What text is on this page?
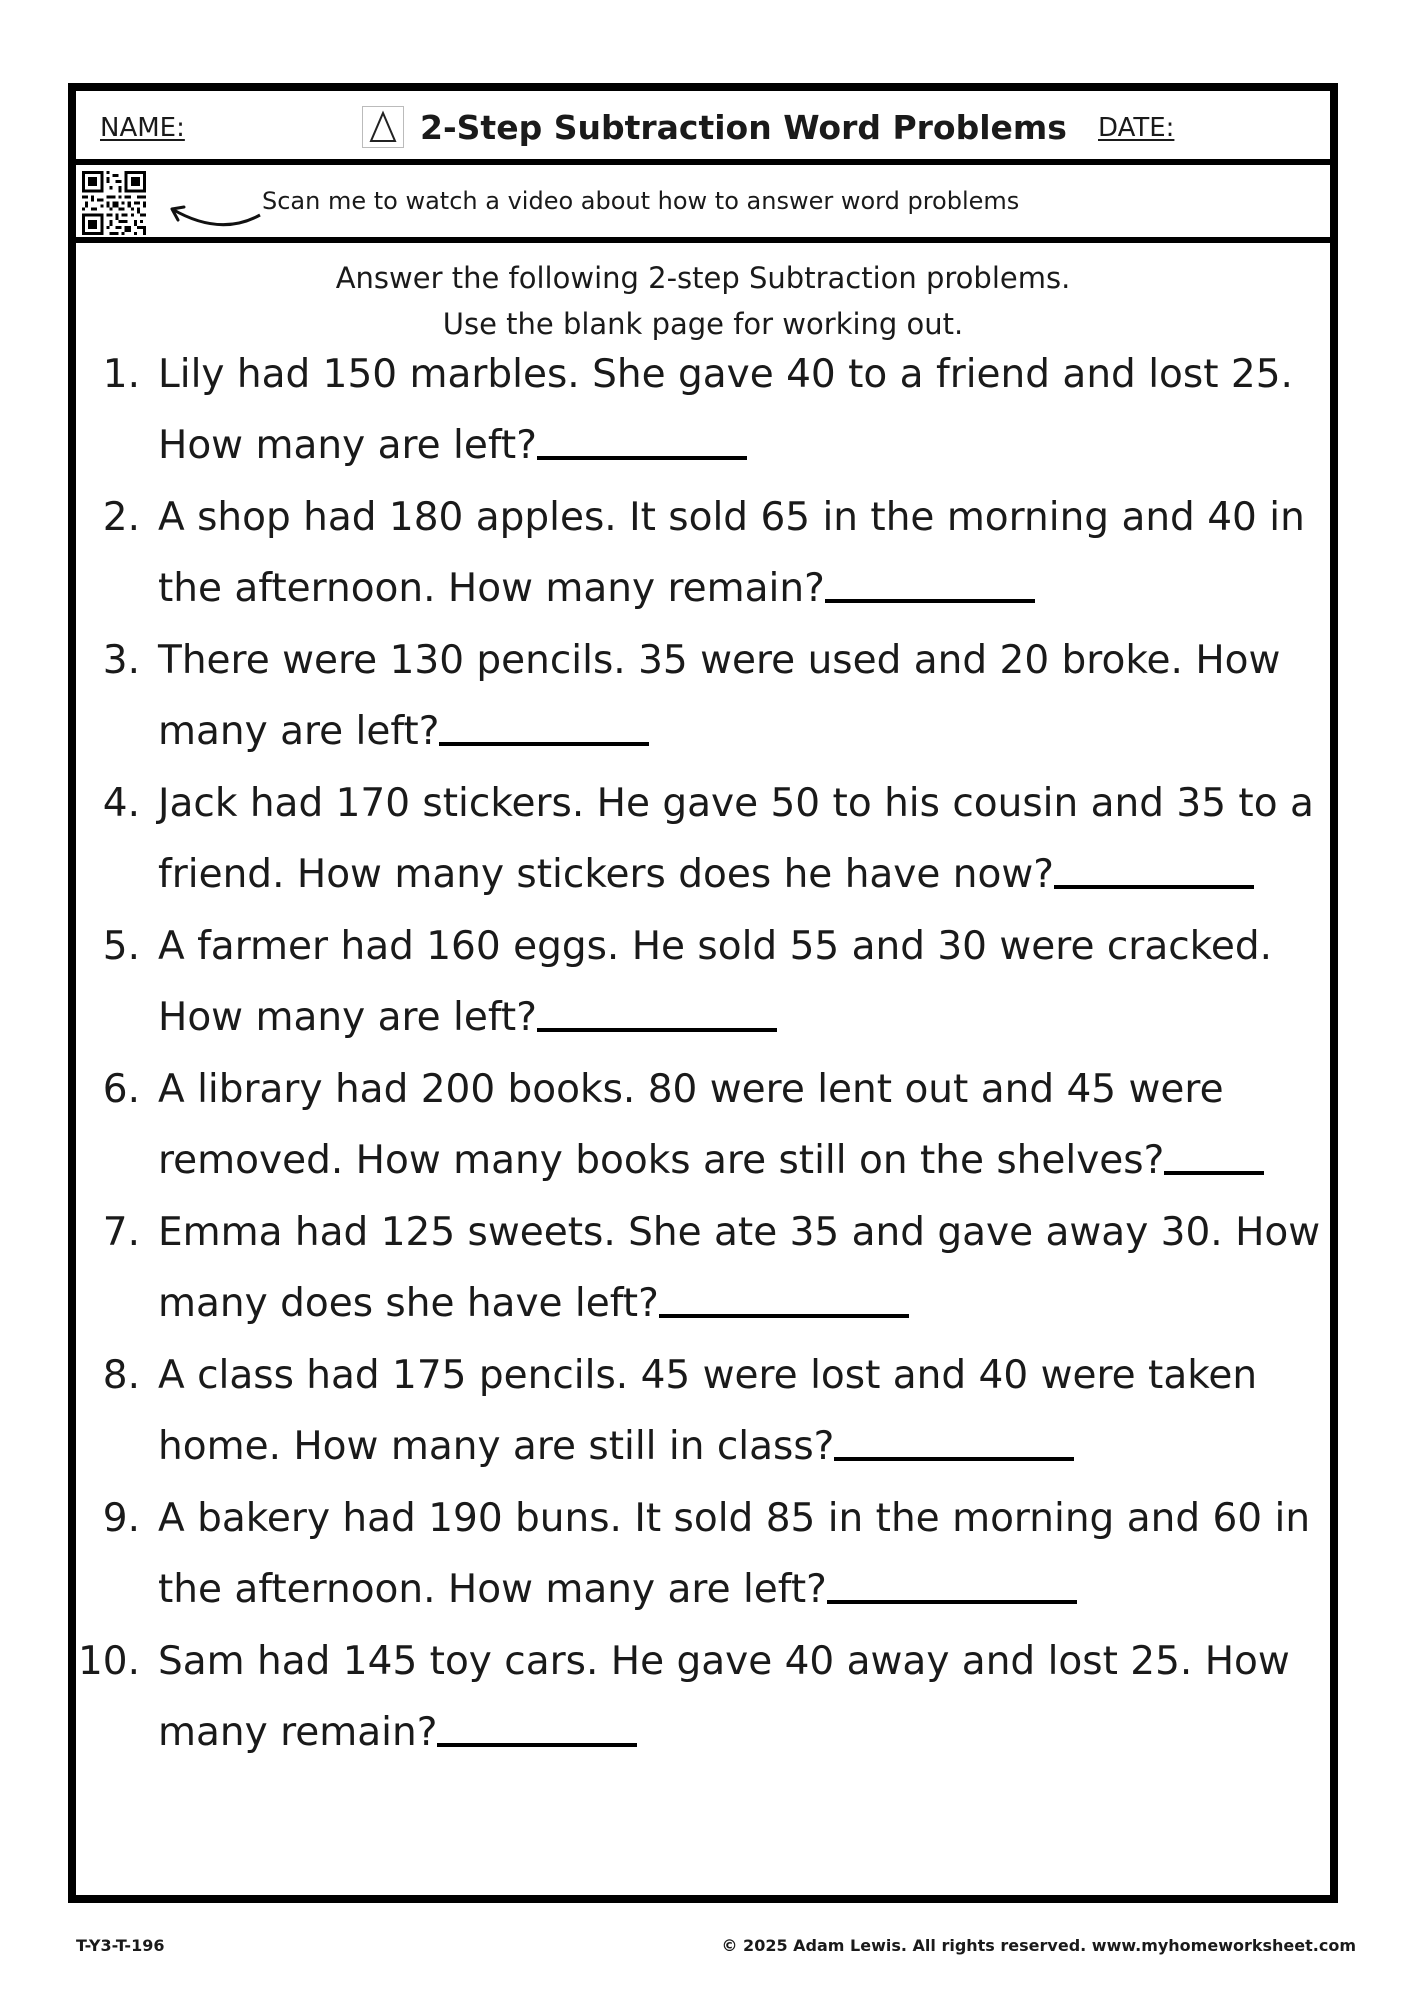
NAME:	2-Step Subtraction Word Problems DATE:
Scan me to watch a video about how to answer word problems
Answer the following 2-step Subtraction problems.
Use the blank page for working out.
1. Lily had 150 marbles. She gave 40 to a friend and lost 25. How many are left?
2. A shop had 180 apples. It sold 65 in the morning and 40 in the afternoon. How many remain?
3. There were 130 pencils. 35 were used and 20 broke. How many are left?
4. Jack had 170 stickers. He gave 50 to his cousin and 35 to a friend. How many stickers does he have now?
5. A farmer had 160 eggs. He sold 55 and 30 were cracked. How many are left?
6. A library had 200 books. 80 were lent out and 45 were removed. How many books are still on the shelves?
7. Emma had 125 sweets. She ate 35 and gave away 30. How many does she have left?
8. A class had 175 pencils. 45 were lost and 40 were taken home. How many are still in class?
9. A bakery had 190 buns. It sold 85 in the morning and 60 in the afternoon. How many are left?
10. Sam had 145 toy cars. He gave 40 away and lost 25. How many remain?
T-Y3-T-196	© 2025 Adam Lewis. All rights reserved. www.myhomeworksheet.com
